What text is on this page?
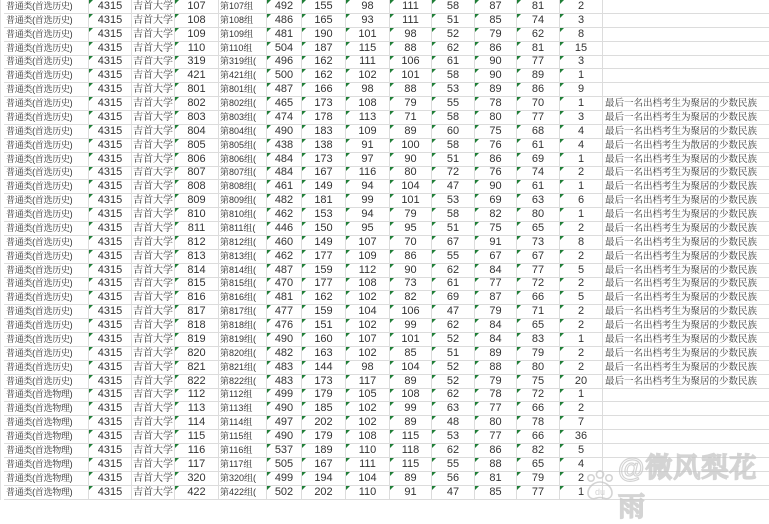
普通类(首选历史) 4315 吉首大学 107 第107组 492 155	98	111	58	87	81	2
普通类(首选历史) 4315 吉首大学 108 第108组 486 165	93	111	51	85	74	3
普通类(首选历史) 4315 吉首大学 109 第109组 481 190 101	98	52	79	62	8
普通类(首选历史) 4315 吉首大学 110 第110组 504 187 115	88	62	86	81	15
普通类(首选历史) 4315 吉首大学 319 第319组( 496 162 111 106 61	90	77	3
普通类(首选历史) 4315 吉首大学 421 第421组( 500 162 102 101 58	90	89	1
普通类(首选历史) 4315 吉首大学 801 第801组( 487 166	98	88	53	89	86	9
普通类(首选历史) 4315 吉首大学 802 第802组( 465 173 108	79	55	78	70	1 最后一名出档考生为聚居的少数民族
普通类(首选历史) 4315 吉首大学 803 第803组( 474 178 113	71	58	80	77	3 最后一名出档考生为聚居的少数民族
普通类(首选历史) 4315 吉首大学 804 第804组( 490 183 109	89	60	75	68	4 最后一名出档考生为聚居的少数民族
普通类(首选历史) 4315 吉首大学 805 第805组( 438 138	91	100 58	76	61	4 最后一名出档考生为散居的少数民族
普通类(首选历史) 4315 吉首大学 806 第806组( 484 173	97	90	51	86	69	1 最后一名出档考生为聚居的少数民族
普通类(首选历史) 4315 吉首大学 807 第807组( 484 167 116	80	72	76	74	2 最后一名出档考生为聚居的少数民族
普通类(首选历史) 4315 吉首大学 808 第808组( 461 149	94	104 47	90	61	1 最后一名出档考生为聚居的少数民族
普通类(首选历史) 4315 吉首大学 809 第809组( 482 181	99	101 53	69	63	6 最后一名出档考生为聚居的少数民族
普通类(首选历史) 4315 吉首大学 810 第810组( 462 153	94	79	58	82	80	1 最后一名出档考生为聚居的少数民族
普通类(首选历史) 4315 吉首大学 811 第811组( 446 150	95	95	51	75	65	2 最后一名出档考生为聚居的少数民族
普通类(首选历史) 4315 吉首大学 812 第812组( 460 149 107	70	67	91	73	8 最后一名出档考生为聚居的少数民族
普通类(首选历史) 4315 吉首大学 813 第813组( 462 177 109	86	55	67	67	2 最后一名出档考生为聚居的少数民族
普通类(首选历史) 4315 吉首大学 814 第814组( 487 159 112	90	62	84	77	5 最后一名出档考生为聚居的少数民族
普通类(首选历史) 4315 吉首大学 815 第815组( 470 177 108	73	61	77	72	2 最后一名出档考生为聚居的少数民族
普通类(首选历史) 4315 吉首大学 816 第816组( 481 162 102	82	69	87	66	5 最后一名出档考生为聚居的少数民族
普通类(首选历史) 4315 吉首大学 817 第817组( 477 159 104 106 47	79	71	2 最后一名出档考生为聚居的少数民族
普通类(首选历史) 4315 吉首大学 818 第818组( 476 151 102	99	62	84	65	2 最后一名出档考生为聚居的少数民族
普通类(首选历史) 4315 吉首大学 819 第819组( 490 160 107 101 52	84	83	1 最后一名出档考生为聚居的少数民族
普通类(首选历史) 4315 吉首大学 820 第820组( 482 163 102	85	51	89	79	2 最后一名出档考生为聚居的少数民族
普通类(首选历史) 4315 吉首大学 821 第821组( 483 144	98	104 52	88	80	2 最后一名出档考生为聚居的少数民族
普通类(首选历史) 4315 吉首大学 822 第822组( 483 173 117	89	52	79	75	20 最后一名出档考生为聚居的少数民族
普通类(首选物理) 4315 吉首大学 112 第112组 499 179 105 108 62	78	72	1
普通类(首选物理) 4315 吉首大学 113 第113组 490 185 102	99	63	77	66	2
普通类(首选物理) 4315 吉首大学 114 第114组 497 202 102	89	48	80	78	7
普通类(首选物理) 4315 吉首大学 115 第115组 490 179 108 115	53	77	66	36
普通类(首选物理) 4315 吉首大学 116 第116组 537 189 110 118	62	86	82	5
普通类(首选物理) 4315 吉首大学 117 第117组 505 167 111 115	55	88	65	4
普通类(首选物理) 4315 吉首大学 320 第320组( 499 194 104	89	56	81	79	2
普通类(首选物理) 4315 吉首大学 422 第422组( 502 202 110	91	47	85	77	1 du
@微风梨花雨
